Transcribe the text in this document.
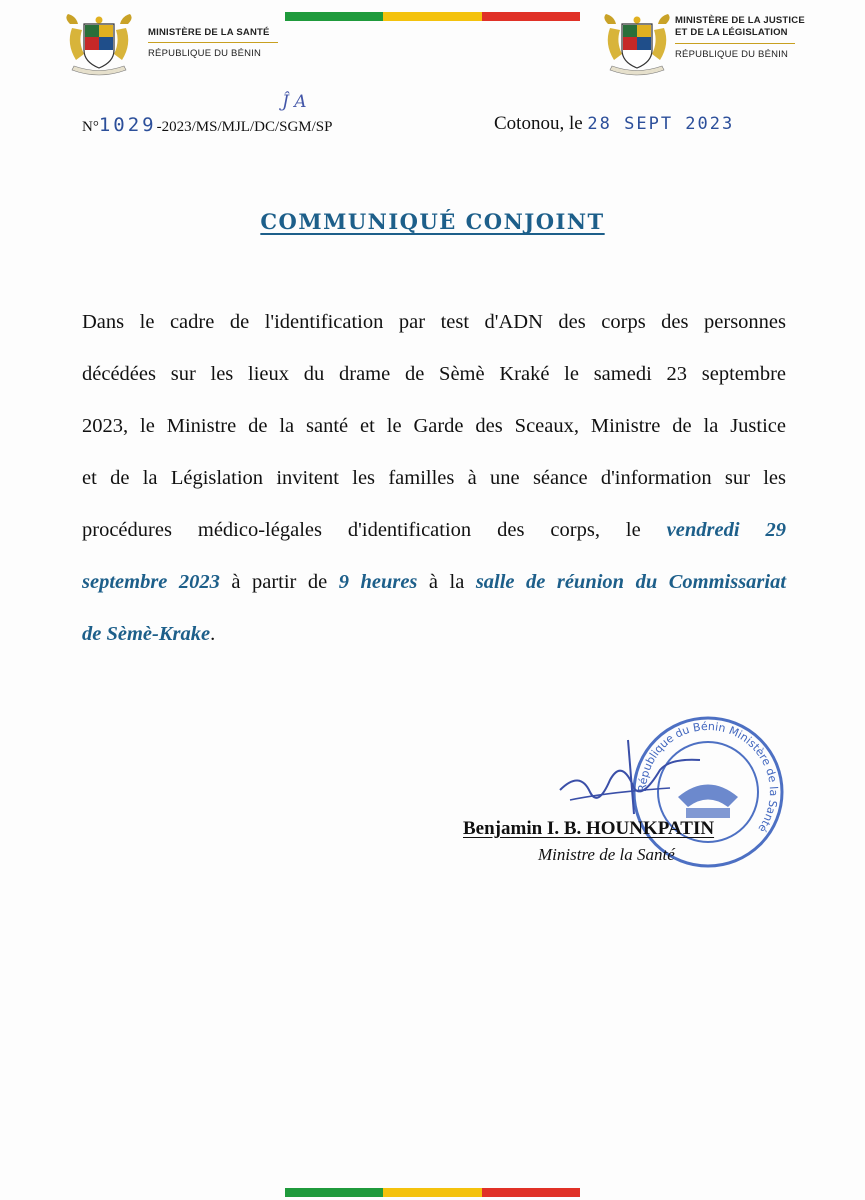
MINISTÈRE DE LA SANTÉ
RÉPUBLIQUE DU BÉNIN
MINISTÈRE DE LA JUSTICE
ET DE LA LÉGISLATION
RÉPUBLIQUE DU BÉNIN
N°1029-2023/MS/MJL/DC/SGM/SP
Ĵ A
Cotonou, le 28 SEPT 2023
COMMUNIQUÉ CONJOINT
Dans le cadre de l'identification par test d'ADN des corps des personnes
décédées sur les lieux du drame de Sèmè Kraké le samedi 23 septembre
2023, le Ministre de la santé et le Garde des Sceaux, Ministre de la Justice
et de la Législation invitent les familles à une séance d'information sur les
procédures médico-légales d'identification des corps, le vendredi 29
septembre 2023 à partir de 9 heures à la salle de réunion du Commissariat
de Sèmè-Krake.
République du Bénin Ministère de la Santé
Benjamin I. B. HOUNKPATIN
Ministre de la Santé
